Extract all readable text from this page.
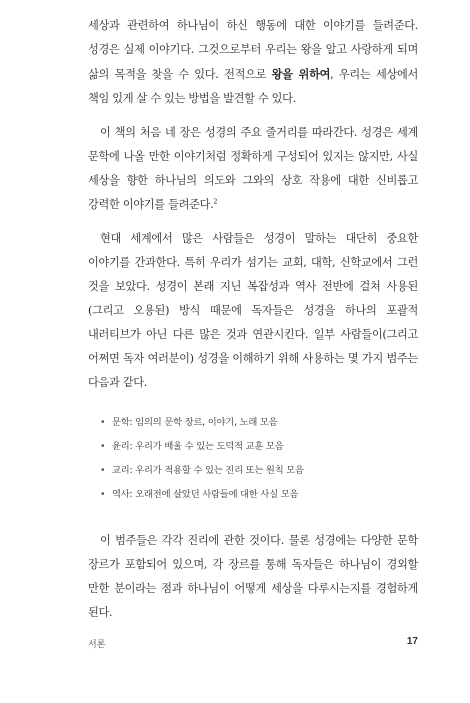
세상과 관련하여 하나님이 하신 행동에 대한 이야기를 들려준다. 성경은 실제 이야기다. 그것으로부터 우리는 왕을 알고 사랑하게 되며 삶의 목적을 찾을 수 있다. 전적으로 왕을 위하여, 우리는 세상에서 책임 있게 살 수 있는 방법을 발견할 수 있다.

이 책의 처음 네 장은 성경의 주요 줄거리를 따라간다. 성경은 세계 문학에 나올 만한 이야기처럼 정확하게 구성되어 있지는 않지만, 사실 세상을 향한 하나님의 의도와 그와의 상호 작용에 대한 신비롭고 강력한 이야기를 들려준다.$^2$

현대 세계에서 많은 사람들은 성경이 말하는 대단히 중요한 이야기를 간과한다. 특히 우리가 섬기는 교회, 대학, 신학교에서 그런 것을 보았다. 성경이 본래 지닌 복잡성과 역사 전반에 걸쳐 사용된(그리고 오용된) 방식 때문에 독자들은 성경을 하나의 포괄적 내러티브가 아닌 다른 많은 것과 연관시킨다. 일부 사람들이(그리고 어쩌면 독자 여러분이) 성경을 이해하기 위해 사용하는 몇 가지 범주는 다음과 같다.

• 문학: 임의의 문학 장르, 이야기, 노래 모음
• 윤리: 우리가 배울 수 있는 도덕적 교훈 모음
• 교리: 우리가 적용할 수 있는 진리 또는 원칙 모음
• 역사: 오래전에 살았던 사람들에 대한 사실 모음

이 범주들은 각각 진리에 관한 것이다. 물론 성경에는 다양한 문학 장르가 포함되어 있으며, 각 장르를 통해 독자들은 하나님이 경외할 만한 분이라는 점과 하나님이 어떻게 세상을 다루시는지를 경험하게 된다.

서론	17
